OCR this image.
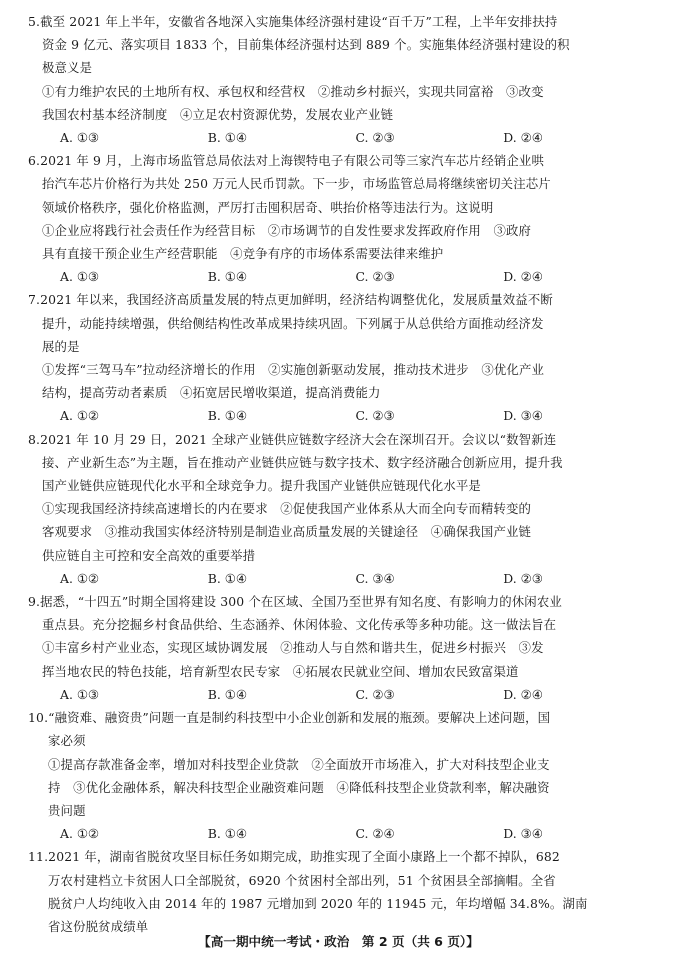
5.截至 2021 年上半年，安徽省各地深入实施集体经济强村建设“百千万”工程，上半年安排扶持
资金 9 亿元、落实项目 1833 个，目前集体经济强村达到 889 个。实施集体经济强村建设的积
极意义是
①有力维护农民的土地所有权、承包权和经营权　②推动乡村振兴，实现共同富裕　③改变
我国农村基本经济制度　④立足农村资源优势，发展农业产业链
A. ①③	B. ①④	C. ②③	D. ②④
6.2021 年 9 月，上海市场监管总局依法对上海锲特电子有限公司等三家汽车芯片经销企业哄
抬汽车芯片价格行为共处 250 万元人民币罚款。下一步，市场监管总局将继续密切关注芯片
领域价格秩序，强化价格监测，严厉打击囤积居奇、哄抬价格等违法行为。这说明
①企业应将践行社会责任作为经营目标　②市场调节的自发性要求发挥政府作用　③政府
具有直接干预企业生产经营职能　④竞争有序的市场体系需要法律来维护
A. ①③	B. ①④	C. ②③	D. ②④
7.2021 年以来，我国经济高质量发展的特点更加鲜明，经济结构调整优化，发展质量效益不断
提升，动能持续增强，供给侧结构性改革成果持续巩固。下列属于从总供给方面推动经济发
展的是
①发挥“三驾马车”拉动经济增长的作用　②实施创新驱动发展，推动技术进步　③优化产业
结构，提高劳动者素质　④拓宽居民增收渠道，提高消费能力
A. ①②	B. ①④	C. ②③	D. ③④
8.2021 年 10 月 29 日，2021 全球产业链供应链数字经济大会在深圳召开。会议以“数智新连
接、产业新生态”为主题，旨在推动产业链供应链与数字技术、数字经济融合创新应用，提升我
国产业链供应链现代化水平和全球竞争力。提升我国产业链供应链现代化水平是
①实现我国经济持续高速增长的内在要求　②促使我国产业体系从大而全向专而精转变的
客观要求　③推动我国实体经济特别是制造业高质量发展的关键途径　④确保我国产业链
供应链自主可控和安全高效的重要举措
A. ①②	B. ①④	C. ③④	D. ②③
9.据悉，“十四五”时期全国将建设 300 个在区域、全国乃至世界有知名度、有影响力的休闲农业
重点县。充分挖掘乡村食品供给、生态涵养、休闲体验、文化传承等多种功能。这一做法旨在
①丰富乡村产业业态，实现区域协调发展　②推动人与自然和谐共生，促进乡村振兴　③发
挥当地农民的特色技能，培育新型农民专家　④拓展农民就业空间、增加农民致富渠道
A. ①③	B. ①④	C. ②③	D. ②④
10.“融资难、融资贵”问题一直是制约科技型中小企业创新和发展的瓶颈。要解决上述问题，国
家必须
①提高存款准备金率，增加对科技型企业贷款　②全面放开市场准入，扩大对科技型企业支
持　③优化金融体系，解决科技型企业融资难问题　④降低科技型企业贷款利率，解决融资
贵问题
A. ①②	B. ①④	C. ②④	D. ③④
11.2021 年，湖南省脱贫攻坚目标任务如期完成，助推实现了全面小康路上一个都不掉队，682
万农村建档立卡贫困人口全部脱贫，6920 个贫困村全部出列，51 个贫困县全部摘帽。全省
脱贫户人均纯收入由 2014 年的 1987 元增加到 2020 年的 11945 元，年均增幅 34.8%。湖南
省这份脱贫成绩单
【高一期中统一考试・政治　第 2 页（共 6 页）】
